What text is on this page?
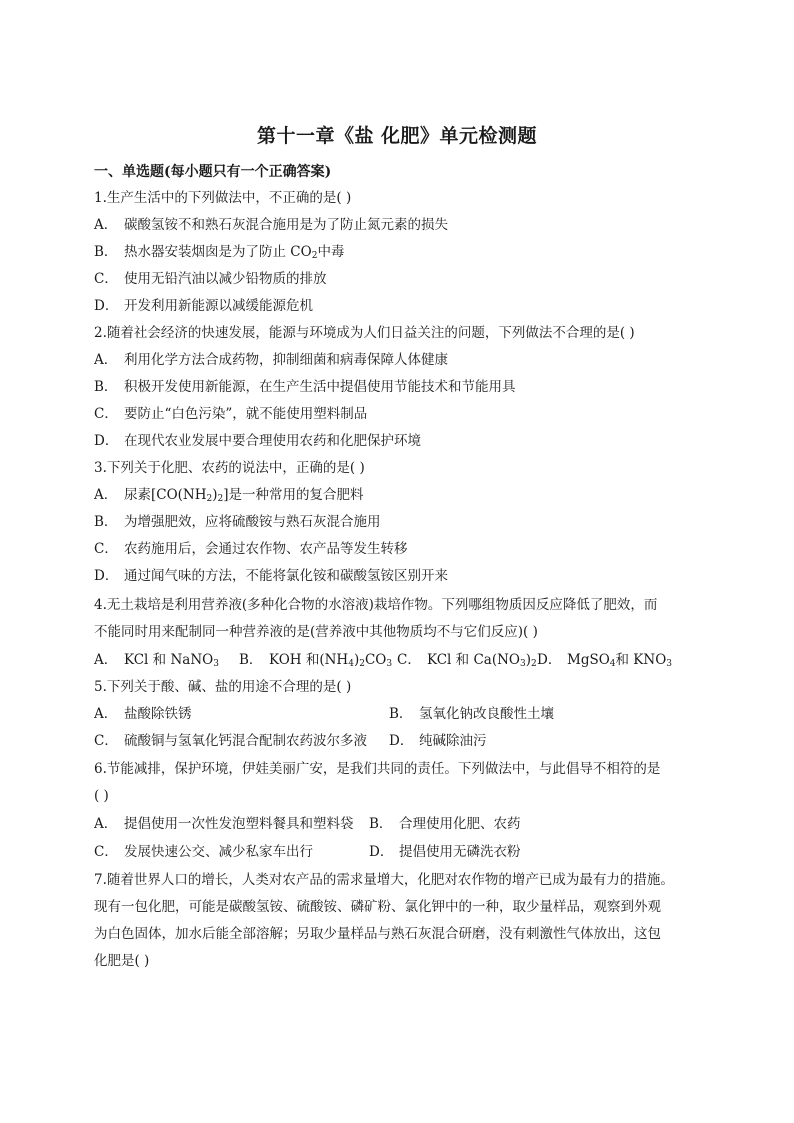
第十一章《盐 化肥》单元检测题
一、单选题(每小题只有一个正确答案)
1.生产生活中的下列做法中，不正确的是( )
A． 碳酸氢铵不和熟石灰混合施用是为了防止氮元素的损失
B． 热水器安装烟囱是为了防止 $CO_2$中毒
C． 使用无铅汽油以减少铅物质的排放
D． 开发利用新能源以减缓能源危机
2.随着社会经济的快速发展，能源与环境成为人们日益关注的问题，下列做法不合理的是( )
A． 利用化学方法合成药物，抑制细菌和病毒保障人体健康
B． 积极开发使用新能源，在生产生活中提倡使用节能技术和节能用具
C． 要防止“白色污染”，就不能使用塑料制品
D． 在现代农业发展中要合理使用农药和化肥保护环境
3.下列关于化肥、农药的说法中，正确的是( )
A． 尿素$[CO(NH_2)_2]$是一种常用的复合肥料
B． 为增强肥效，应将硫酸铵与熟石灰混合施用
C． 农药施用后，会通过农作物、农产品等发生转移
D． 通过闻气味的方法，不能将氯化铵和碳酸氢铵区别开来
4.无土栽培是利用营养液(多种化合物的水溶液)栽培作物。下列哪组物质因反应降低了肥效，而
不能同时用来配制同一种营养液的是(营养液中其他物质均不与它们反应)( )
A． KCl 和 NaNO$_3$ B． KOH 和$(NH_4)_2CO_3$ C． KCl 和 $Ca(NO_3)_2D$． MgSO$_4$和 $KNO_3$
5.下列关于酸、碱、盐的用途不合理的是( )
A． 盐酸除铁锈	B． 氢氧化钠改良酸性土壤
C． 硫酸铜与氢氧化钙混合配制农药波尔多液 D． 纯碱除油污
6.节能减排，保护环境，伊娃美丽广安，是我们共同的责任。下列做法中，与此倡导不相符的是
( )
A． 提倡使用一次性发泡塑料餐具和塑料袋 B． 合理使用化肥、农药
C． 发展快速公交、减少私家车出行	D． 提倡使用无磷洗衣粉
7.随着世界人口的增长，人类对农产品的需求量增大，化肥对农作物的增产已成为最有力的措施。
现有一包化肥，可能是碳酸氢铵、硫酸铵、磷矿粉、氯化钾中的一种，取少量样品，观察到外观
为白色固体，加水后能全部溶解；另取少量样品与熟石灰混合研磨，没有刺激性气体放出，这包
化肥是( )
